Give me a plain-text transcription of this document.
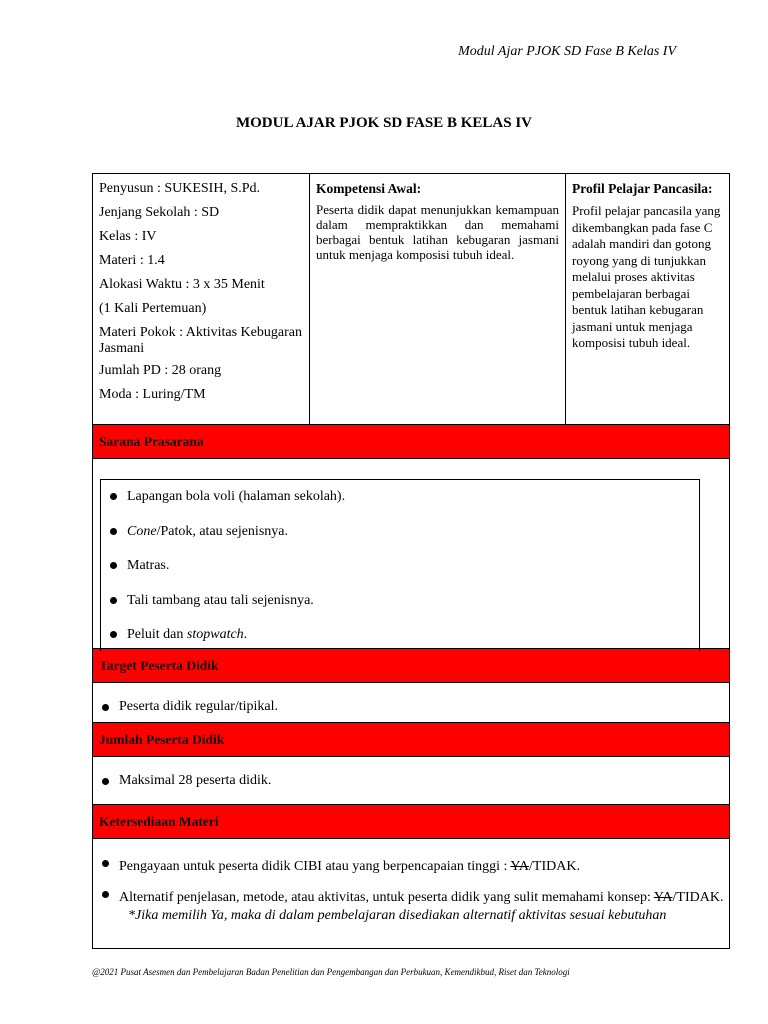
Modul Ajar PJOK SD Fase B Kelas IV
MODUL AJAR PJOK SD FASE B KELAS IV
Penyusun : SUKESIH, S.Pd.
Jenjang Sekolah : SD
Kelas : IV
Materi : 1.4
Alokasi Waktu : 3 x 35 Menit
(1 Kali Pertemuan)
Materi Pokok : Aktivitas Kebugaran Jasmani
Jumlah PD : 28 orang
Moda : Luring/TM
Kompetensi Awal:
Peserta didik dapat menunjukkan kemampuan dalam mempraktikkan dan memahami berbagai bentuk latihan kebugaran jasmani untuk menjaga komposisi tubuh ideal.
Profil Pelajar Pancasila:
Profil pelajar pancasila yang dikembangkan pada fase C adalah mandiri dan gotong royong yang di tunjukkan melalui proses aktivitas pembelajaran berbagai bentuk latihan kebugaran jasmani untuk menjaga komposisi tubuh ideal.
Sarana Prasarana
Lapangan bola voli (halaman sekolah).
Cone/Patok, atau sejenisnya.
Matras.
Tali tambang atau tali sejenisnya.
Peluit dan stopwatch.
Target Peserta Didik
Peserta didik regular/tipikal.
Jumlah Peserta Didik
Maksimal 28 peserta didik.
Ketersediaan Materi
Pengayaan untuk peserta didik CIBI atau yang berpencapaian tinggi : YA/TIDAK.
Alternatif penjelasan, metode, atau aktivitas, untuk peserta didik yang sulit memahami konsep: YA/TIDAK.
*Jika memilih Ya, maka di dalam pembelajaran disediakan alternatif aktivitas sesuai kebutuhan
@2021 Pusat Asesmen dan Pembelajaran Badan Penelitian dan Pengembangan dan Perbukuan, Kemendikbud, Riset dan Teknologi
